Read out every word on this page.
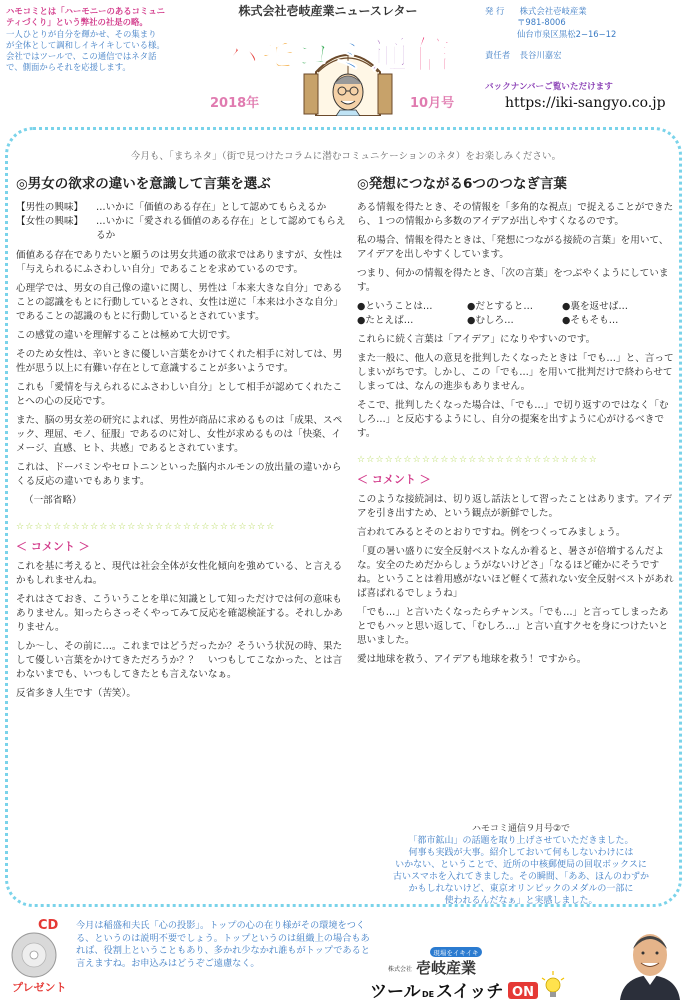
ハモコミとは「ハーモニーのあるコミュニ
ティづくり」という弊社の社是の略。
一人ひとりが自分を輝かせ、その集まり
が全体として調和しイキイキしている様。
会社ではツールで、この通信ではネタ話
で、側面からそれを応援します。
株式会社壱岐産業ニュースレター
ハ モ
コ
ミ 通 信
2018年	10月号
発 行 株式会社壱岐産業
〒981-8006
仙台市泉区黒松2−16−12
責任者 長谷川嘉宏
バックナンバーご覧いただけます
https://iki-sangyo.co.jp
今月も、「まちネタ」（街で見つけたコラムに潜むコミュニケーションのネタ）をお楽しみください。
◎男女の欲求の違いを意識して言葉を選ぶ
【男性の興味】	…いかに「価値のある存在」として認めてもらえるか
【女性の興味】	…いかに「愛される価値のある存在」として認めてもらえるか

価値ある存在でありたいと願うのは男女共通の欲求ではありますが、女性は「与えられるにふさわしい自分」であることを求めているのです。

心理学では、男女の自己像の違いに関し、男性は「本来大きな自分」であることの認識をもとに行動しているとされ、女性は逆に「本来は小さな自分」であることの認識のもとに行動しているとされています。

この感覚の違いを理解することは極めて大切です。

そのため女性は、辛いときに優しい言葉をかけてくれた相手に対しては、男性が思う以上に有難い存在として意識することが多いようです。

これも「愛情を与えられるにふさわしい自分」として相手が認めてくれたことへの心の反応です。

また、脳の男女差の研究によれば、男性が商品に求めるものは「成果、スペック、理屈、モノ、征服」であるのに対し、女性が求めるものは「快楽、イメージ、直感、ヒト、共感」であるとされています。

これは、ドーパミンやセロトニンといった脳内ホルモンの放出量の違いからくる反応の違いでもあります。

（一部省略）

☆☆☆☆☆☆☆☆☆☆☆☆☆☆☆☆☆☆☆☆☆☆☆☆☆☆☆☆
＜ コメント ＞

これを基に考えると、現代は社会全体が女性化傾向を強めている、と言えるかもしれませんね。

それはさておき、こういうことを単に知識として知っただけでは何の意味もありません。知ったらさっそくやってみて反応を確認検証する。それしかありません。

しか～し、その前に…。これまではどうだったか？そういう状況の時、果たして優しい言葉をかけてきただろうか？？　いつもしてこなかった、とは言わないまでも、いつもしてきたとも言えないなぁ。

反省多き人生です（苦笑）。

◎発想につながる6つのつなぎ言葉

ある情報を得たとき、その情報を「多角的な視点」で捉えることができたら、１つの情報から多数のアイデアが出しやすくなるのです。

私の場合、情報を得たときは、「発想につながる接続の言葉」を用いて、アイデアを出しやすくしています。

つまり、何かの情報を得たとき、「次の言葉」をつぶやくようにしています。

●ということは…	●だとすると…	●裏を返せば…
●たとえば…	●むしろ…	●そもそも…

これらに続く言葉は「アイデア」になりやすいのです。

また一般に、他人の意見を批判したくなったときは「でも…」と、言ってしまいがちです。しかし、この「でも…」を用いて批判だけで終わらせてしまっては、なんの進歩もありません。

そこで、批判したくなった場合は、「でも…」で切り返すのではなく「むしろ…」と反応するようにし、自分の提案を出すように心がけるべきです。

☆☆☆☆☆☆☆☆☆☆☆☆☆☆☆☆☆☆☆☆☆☆☆☆☆☆
＜ コメント ＞

このような接続詞は、切り返し話法として習ったことはあります。アイデアを引き出すため、という観点が新鮮でした。

言われてみるとそのとおりですね。例をつくってみましょう。

「夏の暑い盛りに安全反射ベストなんか着ると、暑さが倍増するんだよな。安全のためだからしょうがないけどさ」「なるほど確かにそうですね。ということは着用感がないほど軽くて蒸れない安全反射ベストがあれば喜ばれるでしょうね」

「でも…」と言いたくなったらチャンス。「でも…」と言ってしまったあとでもハッと思い返して、「むしろ…」と言い直すクセを身につけたいと思いました。

愛は地球を救う、アイデアも地球を救う！ですから。

ハモコミ通信９月号②で
「都市鉱山」の話題を取り上げさせていただきました。
何事も実践が大事。紹介しておいて何もしないわけには
いかない、ということで、近所の中核郵便局の回収ボックスに
古いスマホを入れてきました。その瞬間、「ああ、ほんのわずか
かもしれないけど、東京オリンピックのメダルの一部に
使われるんだなぁ」と実感しました。
CD
プレゼント
今月は稲盛和夫氏「心の投影」。トップの心の在り様がその環境をつくる、というのは説明不要でしょう。トップというのは組織上の場合もあれば、役割上ということもあり、多かれ少なかれ誰もがトップであると言えますね。お申込みはどうぞご遠慮なく。
現場をイキイキ
株式会社 壱岐産業
ツール DE スイッチ ON
